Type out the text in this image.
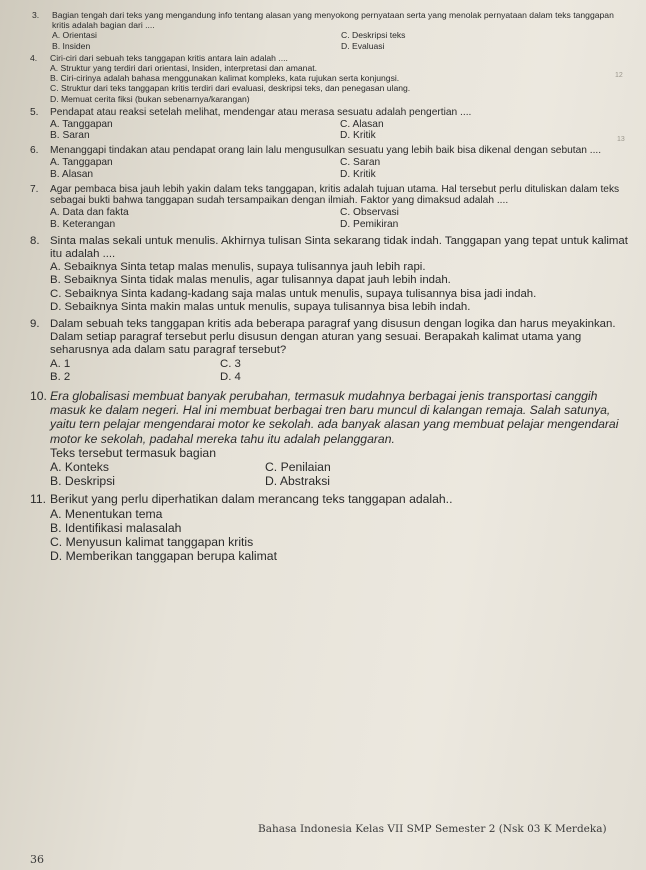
12
13
3. Bagian tengah dari teks yang mengandung info tentang alasan yang menyokong pernyataan serta yang menolak pernyataan dalam teks tanggapan kritis adalah bagian dari ....
A. Orientasi	C. Deskripsi teks
B. Insiden	D. Evaluasi
4. Ciri-ciri dari sebuah teks tanggapan kritis antara lain adalah ....
A. Struktur yang terdiri dari orientasi, Insiden, interpretasi dan amanat.
B. Ciri-cirinya adalah bahasa menggunakan kalimat kompleks, kata rujukan serta konjungsi.
C. Struktur dari teks tanggapan kritis terdiri dari evaluasi, deskripsi teks, dan penegasan ulang.
D. Memuat cerita fiksi (bukan sebenarnya/karangan)
5. Pendapat atau reaksi setelah melihat, mendengar atau merasa sesuatu adalah pengertian ....
A. Tanggapan	C. Alasan
B. Saran	D. Kritik
6. Menanggapi tindakan atau pendapat orang lain lalu mengusulkan sesuatu yang lebih baik bisa dikenal dengan sebutan ....
A. Tanggapan	C. Saran
B. Alasan	D. Kritik
7. Agar pembaca bisa jauh lebih yakin dalam teks tanggapan, kritis adalah tujuan utama. Hal tersebut perlu dituliskan dalam teks sebagai bukti bahwa tanggapan sudah tersampaikan dengan ilmiah. Faktor yang dimaksud adalah ....
A. Data dan fakta	C. Observasi
B. Keterangan	D. Pemikiran
8. Sinta malas sekali untuk menulis. Akhirnya tulisan Sinta sekarang tidak indah. Tanggapan yang tepat untuk kalimat itu adalah ....
A. Sebaiknya Sinta tetap malas menulis, supaya tulisannya jauh lebih rapi.
B. Sebaiknya Sinta tidak malas menulis, agar tulisannya dapat jauh lebih indah.
C. Sebaiknya Sinta kadang-kadang saja malas untuk menulis, supaya tulisannya bisa jadi indah.
D. Sebaiknya Sinta makin malas untuk menulis, supaya tulisannya bisa lebih indah.
9. Dalam sebuah teks tanggapan kritis ada beberapa paragraf yang disusun dengan logika dan harus meyakinkan. Dalam setiap paragraf tersebut perlu disusun dengan aturan yang sesuai. Berapakah kalimat utama yang seharusnya ada dalam satu paragraf tersebut?
A. 1	C. 3
B. 2	D. 4
10. Era globalisasi membuat banyak perubahan, termasuk mudahnya berbagai jenis transportasi canggih masuk ke dalam negeri. Hal ini membuat berbagai tren baru muncul di kalangan remaja. Salah satunya, yaitu tern pelajar mengendarai motor ke sekolah. ada banyak alasan yang membuat pelajar mengendarai motor ke sekolah, padahal mereka tahu itu adalah pelanggaran.
Teks tersebut termasuk bagian
A. Konteks	C. Penilaian
B. Deskripsi	D. Abstraksi
11. Berikut yang perlu diperhatikan dalam merancang teks tanggapan adalah..
A. Menentukan tema
B. Identifikasi malasalah
C. Menyusun kalimat tanggapan kritis
D. Memberikan tanggapan berupa kalimat
Bahasa Indonesia Kelas VII SMP Semester 2 (Nsk 03 K Merdeka)
36
